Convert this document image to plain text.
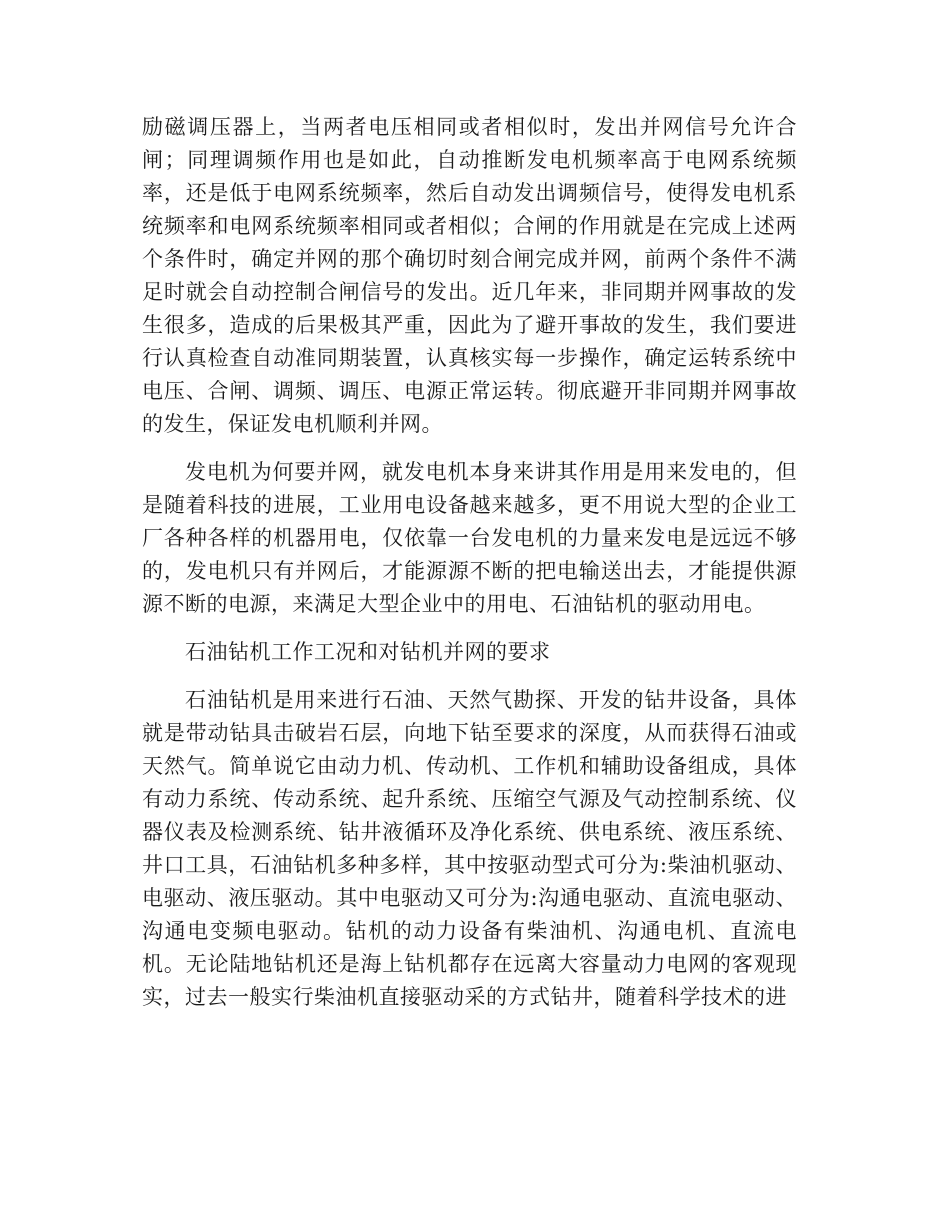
励磁调压器上，当两者电压相同或者相似时，发出并网信号允许合闸；同理调频作用也是如此，自动推断发电机频率高于电网系统频率，还是低于电网系统频率，然后自动发出调频信号，使得发电机系统频率和电网系统频率相同或者相似；合闸的作用就是在完成上述两个条件时，确定并网的那个确切时刻合闸完成并网，前两个条件不满足时就会自动控制合闸信号的发出。近几年来，非同期并网事故的发生很多，造成的后果极其严重，因此为了避开事故的发生，我们要进行认真检查自动准同期装置，认真核实每一步操作，确定运转系统中电压、合闸、调频、调压、电源正常运转。彻底避开非同期并网事故的发生，保证发电机顺利并网。

发电机为何要并网，就发电机本身来讲其作用是用来发电的，但是随着科技的进展，工业用电设备越来越多，更不用说大型的企业工厂各种各样的机器用电，仅依靠一台发电机的力量来发电是远远不够的，发电机只有并网后，才能源源不断的把电输送出去，才能提供源源不断的电源，来满足大型企业中的用电、石油钻机的驱动用电。

石油钻机工作工况和对钻机并网的要求

石油钻机是用来进行石油、天然气勘探、开发的钻井设备，具体就是带动钻具击破岩石层，向地下钻至要求的深度，从而获得石油或天然气。简单说它由动力机、传动机、工作机和辅助设备组成，具体有动力系统、传动系统、起升系统、压缩空气源及气动控制系统、仪器仪表及检测系统、钻井液循环及净化系统、供电系统、液压系统、井口工具，石油钻机多种多样，其中按驱动型式可分为:柴油机驱动、电驱动、液压驱动。其中电驱动又可分为:沟通电驱动、直流电驱动、沟通电变频电驱动。钻机的动力设备有柴油机、沟通电机、直流电机。无论陆地钻机还是海上钻机都存在远离大容量动力电网的客观现实，过去一般实行柴油机直接驱动采的方式钻井，随着科学技术的进
